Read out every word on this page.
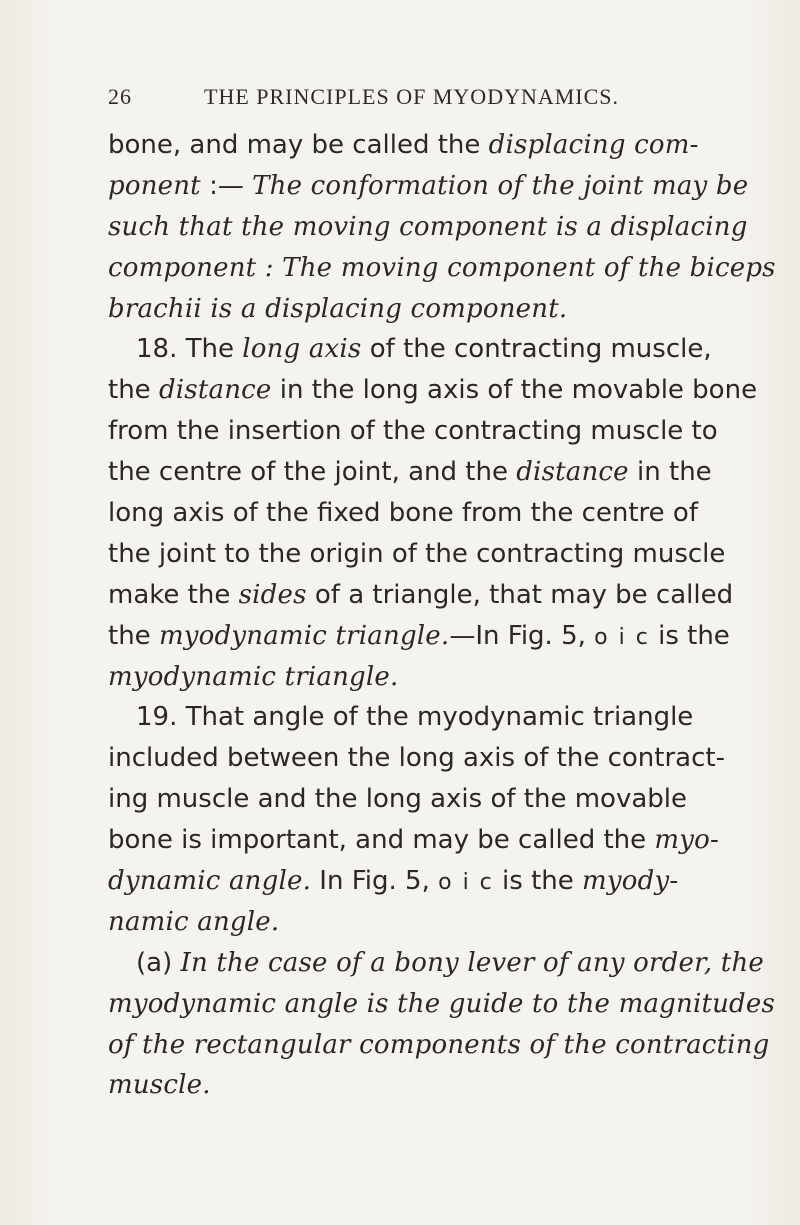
26	THE PRINCIPLES OF MYODYNAMICS.
bone, and may be called the displacing com-
ponent :— The conformation of the joint may be
such that the moving component is a displacing
component : The moving component of the biceps
brachii is a displacing component.
18. The long axis of the contracting muscle,
the distance in the long axis of the movable bone
from the insertion of the contracting muscle to
the centre of the joint, and the distance in the
long axis of the fixed bone from the centre of
the joint to the origin of the contracting muscle
make the sides of a triangle, that may be called
the myodynamic triangle.—In Fig. 5, o i c is the
myodynamic triangle.
19. That angle of the myodynamic triangle
included between the long axis of the contract-
ing muscle and the long axis of the movable
bone is important, and may be called the myo-
dynamic angle. In Fig. 5, o i c is the myody-
namic angle.
(a) In the case of a bony lever of any order, the
myodynamic angle is the guide to the magnitudes
of the rectangular components of the contracting
muscle.
